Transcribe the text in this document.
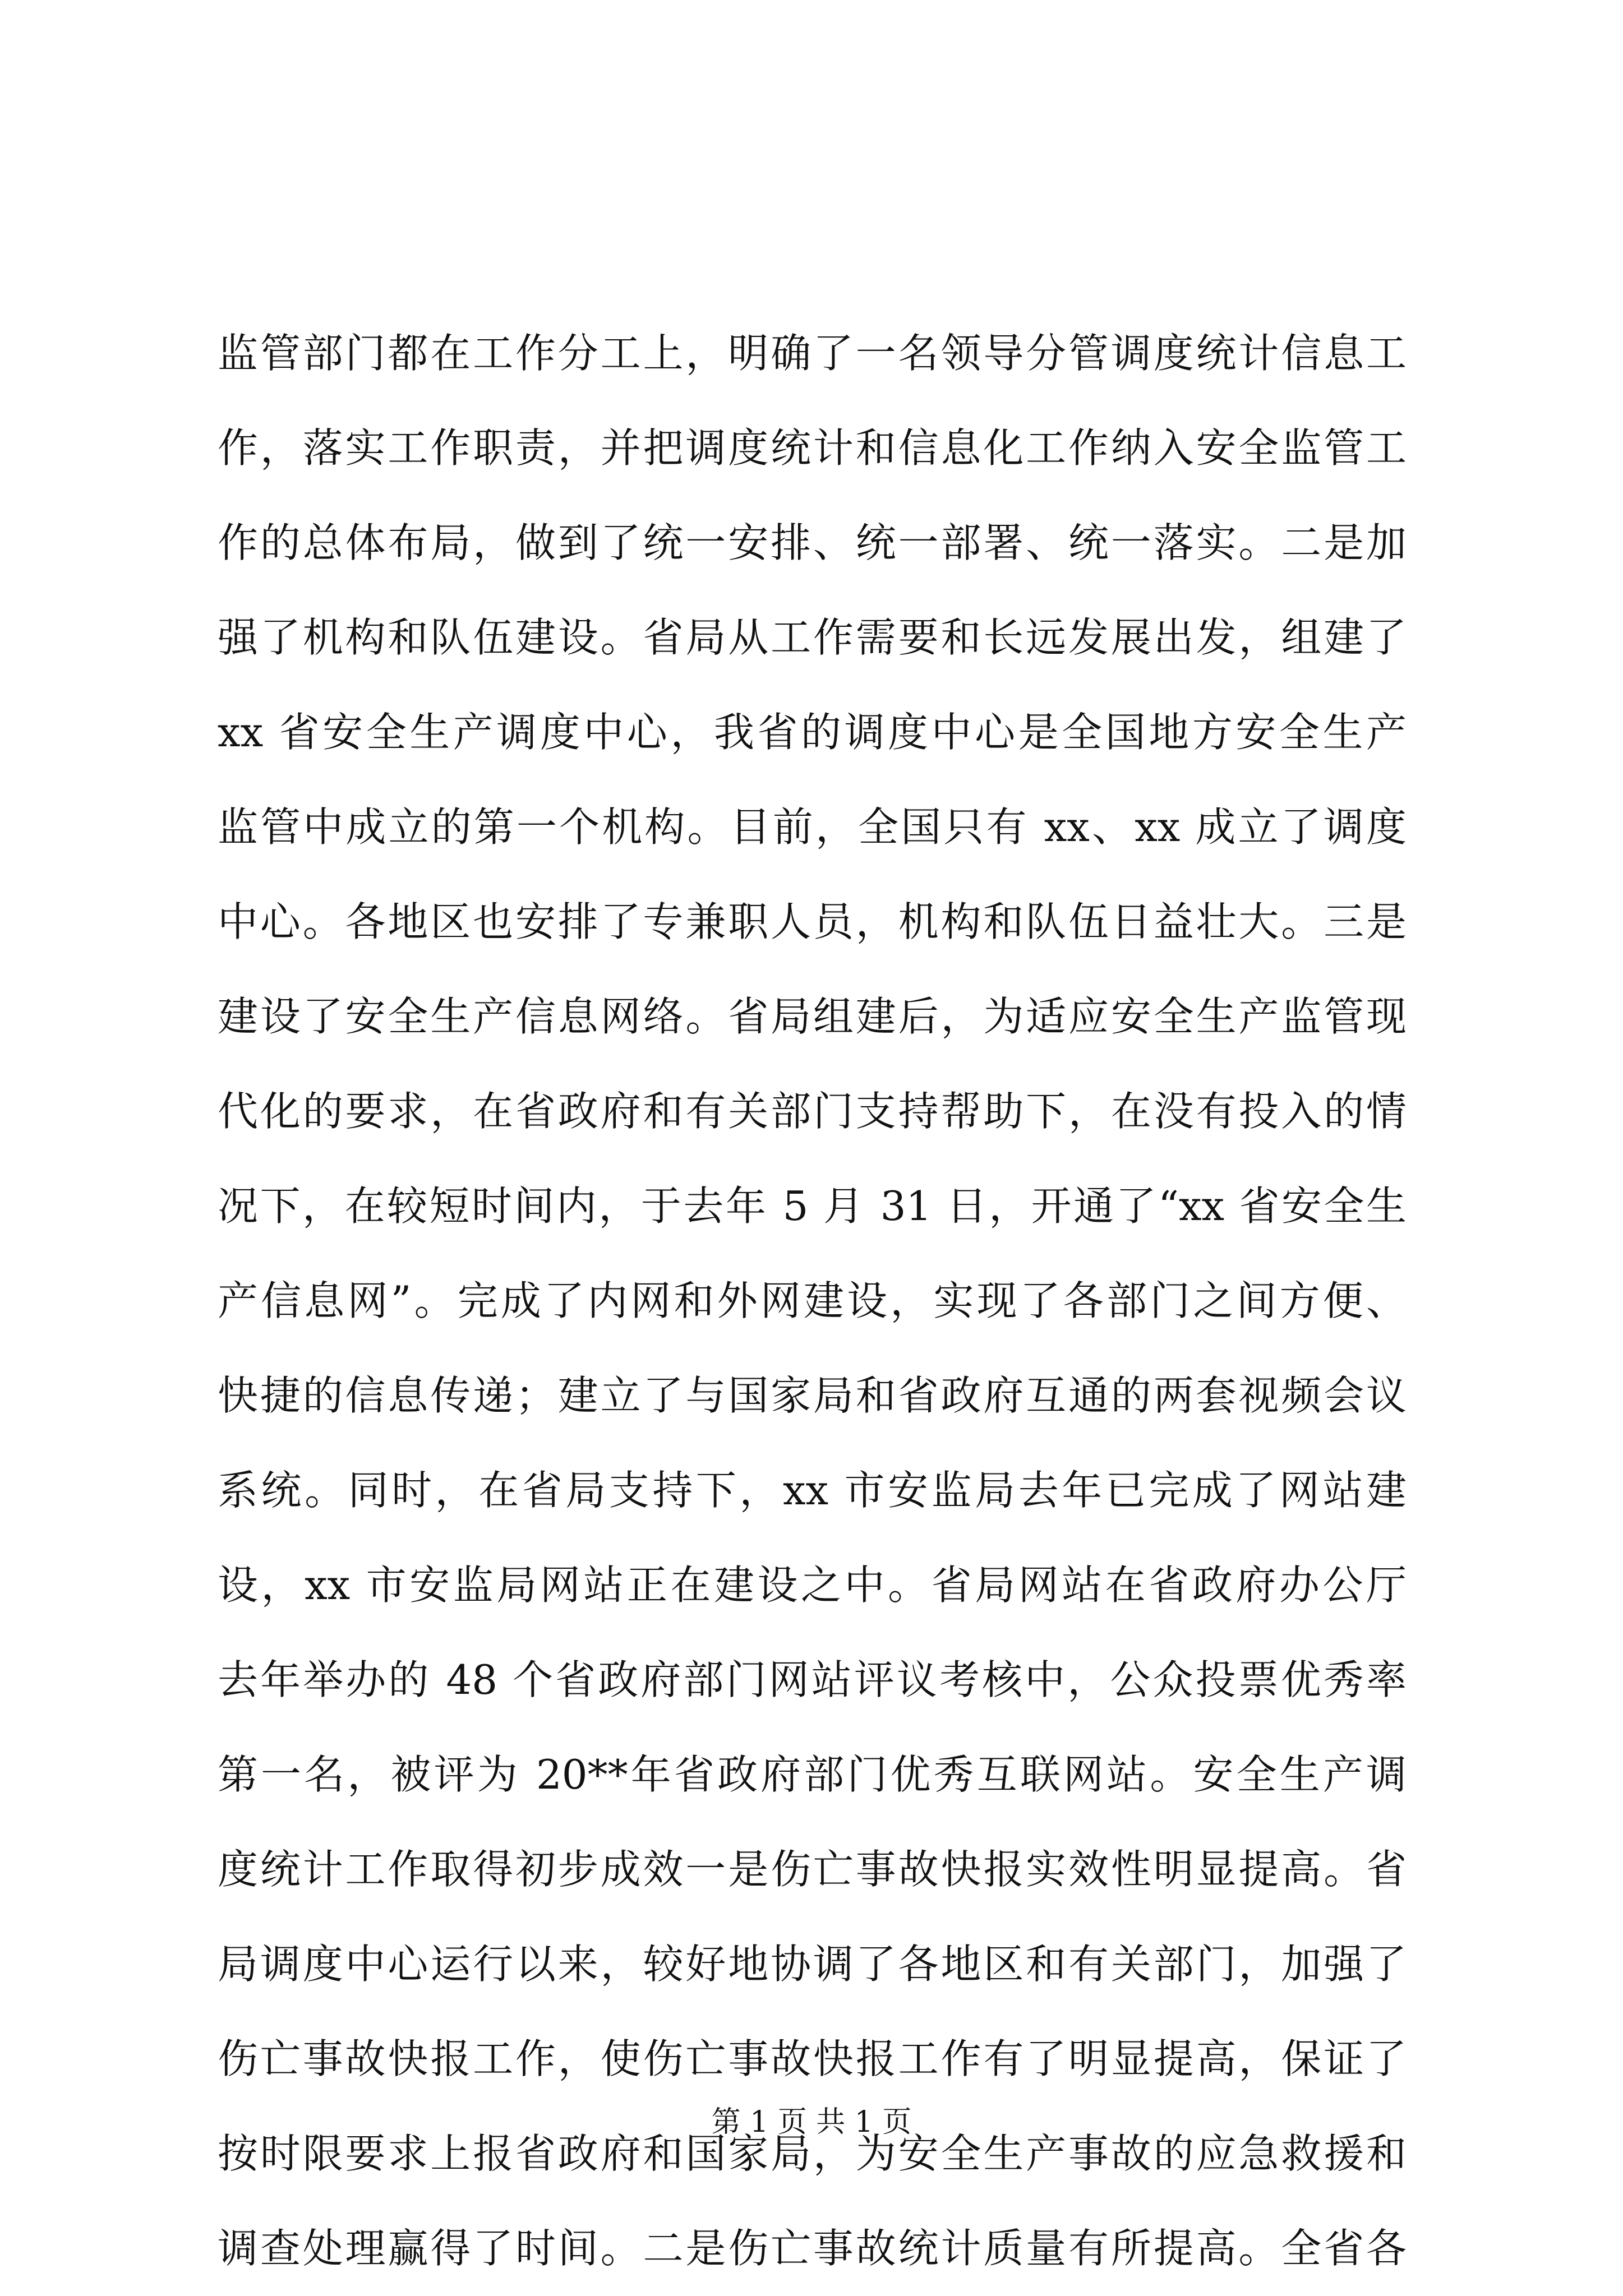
监管部门都在工作分工上，明确了一名领导分管调度统计信息工
作，落实工作职责，并把调度统计和信息化工作纳入安全监管工
作的总体布局，做到了统一安排、统一部署、统一落实。二是加
强了机构和队伍建设。省局从工作需要和长远发展出发，组建了
xx 省安全生产调度中心，我省的调度中心是全国地方安全生产
监管中成立的第一个机构。目前，全国只有 xx、xx 成立了调度
中心。各地区也安排了专兼职人员，机构和队伍日益壮大。三是
建设了安全生产信息网络。省局组建后，为适应安全生产监管现
代化的要求，在省政府和有关部门支持帮助下，在没有投入的情
况下，在较短时间内，于去年 5 月 31 日，开通了“xx 省安全生
产信息网”。完成了内网和外网建设，实现了各部门之间方便、
快捷的信息传递；建立了与国家局和省政府互通的两套视频会议
系统。同时，在省局支持下，xx 市安监局去年已完成了网站建
设，xx 市安监局网站正在建设之中。省局网站在省政府办公厅
去年举办的 48 个省政府部门网站评议考核中，公众投票优秀率
第一名，被评为 20**年省政府部门优秀互联网站。安全生产调
度统计工作取得初步成效一是伤亡事故快报实效性明显提高。省
局调度中心运行以来，较好地协调了各地区和有关部门，加强了
伤亡事故快报工作，使伤亡事故快报工作有了明显提高，保证了
按时限要求上报省政府和国家局，为安全生产事故的应急救援和
调查处理赢得了时间。二是伤亡事故统计质量有所提高。全省各
第 1 页 共 1 页
